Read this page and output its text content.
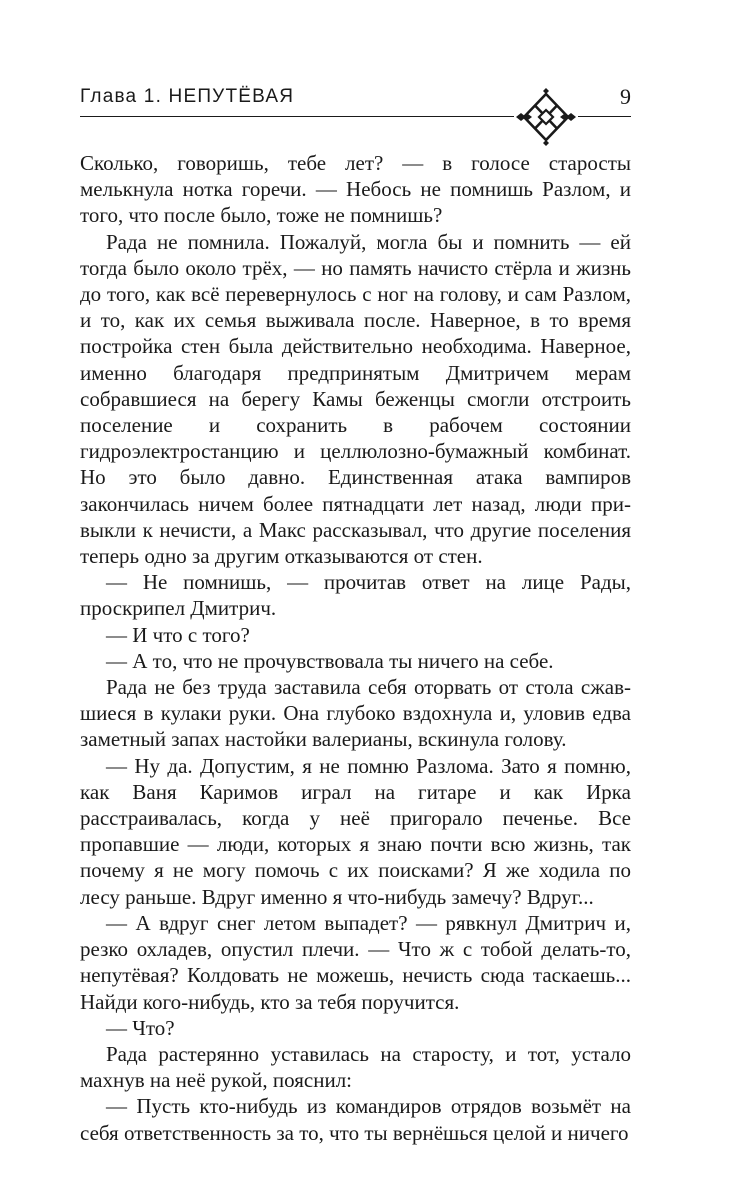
Глава 1. НЕПУТЁВАЯ	9

Сколько, говоришь, тебе лет? — в голосе старосты мелькнула нотка горечи. — Небось не помнишь Разлом, и того, что после было, тоже не помнишь?

Рада не помнила. Пожалуй, могла бы и помнить — ей тогда было около трёх, — но память начисто стёрла и жизнь до того, как всё перевернулось с ног на голову, и сам Разлом, и то, как их семья выживала после. Наверное, в то время постройка стен была действительно необходима. Наверное, именно благодаря предпринятым Дмитричем мерам собравшиеся на берегу Камы беженцы смогли отстроить поселение и сохранить в рабочем состоянии гидроэлектростанцию и целлюлозно-бумажный комбинат. Но это было давно. Единственная атака вампиров закончилась ничем более пятнадцати лет назад, люди привыкли к нечисти, а Макс рассказывал, что другие поселения теперь одно за другим отказываются от стен.

— Не помнишь, — прочитав ответ на лице Рады, проскрипел Дмитрич.

— И что с того?

— А то, что не прочувствовала ты ничего на себе.

Рада не без труда заставила себя оторвать от стола сжавшиеся в кулаки руки. Она глубоко вздохнула и, уловив едва заметный запах настойки валерианы, вскинула голову.

— Ну да. Допустим, я не помню Разлома. Зато я помню, как Ваня Каримов играл на гитаре и как Ирка расстраивалась, когда у неё пригорало печенье. Все пропавшие — люди, которых я знаю почти всю жизнь, так почему я не могу помочь с их поисками? Я же ходила по лесу раньше. Вдруг именно я что-нибудь замечу? Вдруг...

— А вдруг снег летом выпадет? — рявкнул Дмитрич и, резко охладев, опустил плечи. — Что ж с тобой делать-то, непутёвая? Колдовать не можешь, нечисть сюда таскаешь... Найди кого-нибудь, кто за тебя поручится.

— Что?

Рада растерянно уставилась на старосту, и тот, устало махнув на неё рукой, пояснил:

— Пусть кто-нибудь из командиров отрядов возьмёт на себя ответственность за то, что ты вернёшься целой и ничего
